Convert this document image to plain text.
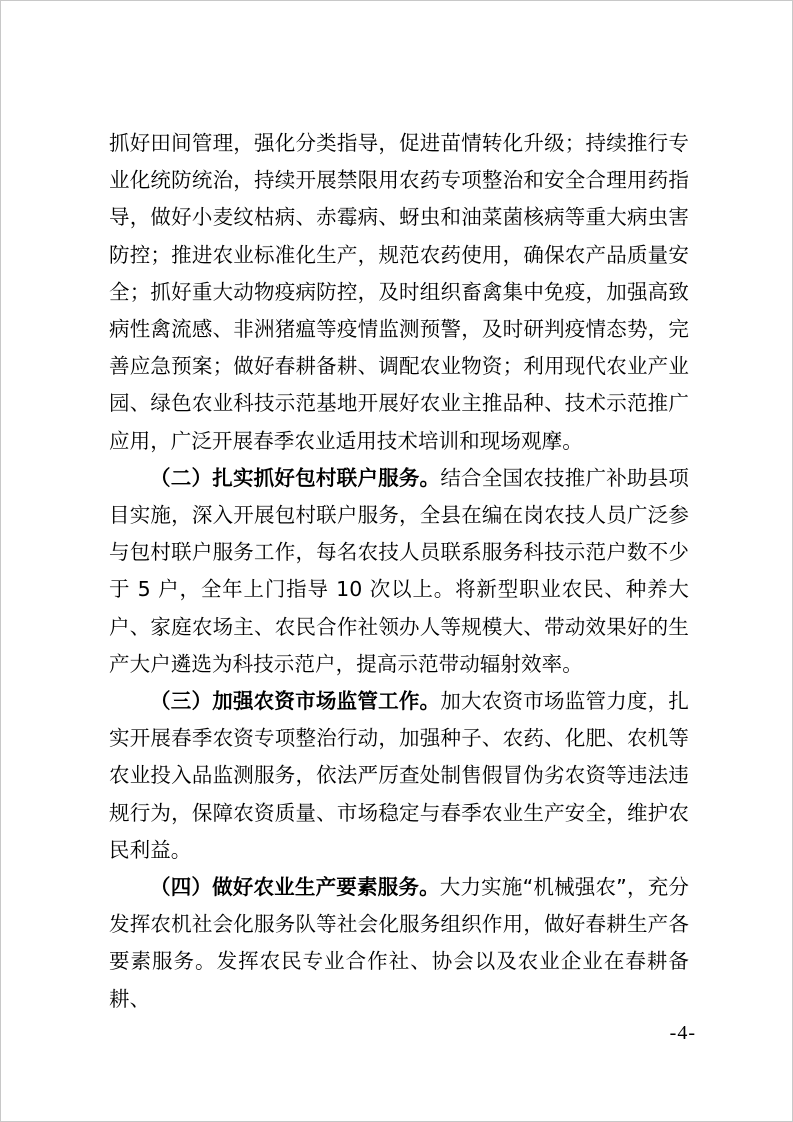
抓好田间管理，强化分类指导，促进苗情转化升级；持续推行专业化统防统治，持续开展禁限用农药专项整治和安全合理用药指导，做好小麦纹枯病、赤霉病、蚜虫和油菜菌核病等重大病虫害防控；推进农业标准化生产，规范农药使用，确保农产品质量安全；抓好重大动物疫病防控，及时组织畜禽集中免疫，加强高致病性禽流感、非洲猪瘟等疫情监测预警，及时研判疫情态势，完善应急预案；做好春耕备耕、调配农业物资；利用现代农业产业园、绿色农业科技示范基地开展好农业主推品种、技术示范推广应用，广泛开展春季农业适用技术培训和现场观摩。

（二）扎实抓好包村联户服务。结合全国农技推广补助县项目实施，深入开展包村联户服务，全县在编在岗农技人员广泛参与包村联户服务工作，每名农技人员联系服务科技示范户数不少于 5 户，全年上门指导 10 次以上。将新型职业农民、种养大户、家庭农场主、农民合作社领办人等规模大、带动效果好的生产大户遴选为科技示范户，提高示范带动辐射效率。

（三）加强农资市场监管工作。加大农资市场监管力度，扎实开展春季农资专项整治行动，加强种子、农药、化肥、农机等农业投入品监测服务，依法严厉查处制售假冒伪劣农资等违法违规行为，保障农资质量、市场稳定与春季农业生产安全，维护农民利益。

（四）做好农业生产要素服务。大力实施“机械强农”，充分发挥农机社会化服务队等社会化服务组织作用，做好春耕生产各要素服务。发挥农民专业合作社、协会以及农业企业在春耕备耕、

-4-
